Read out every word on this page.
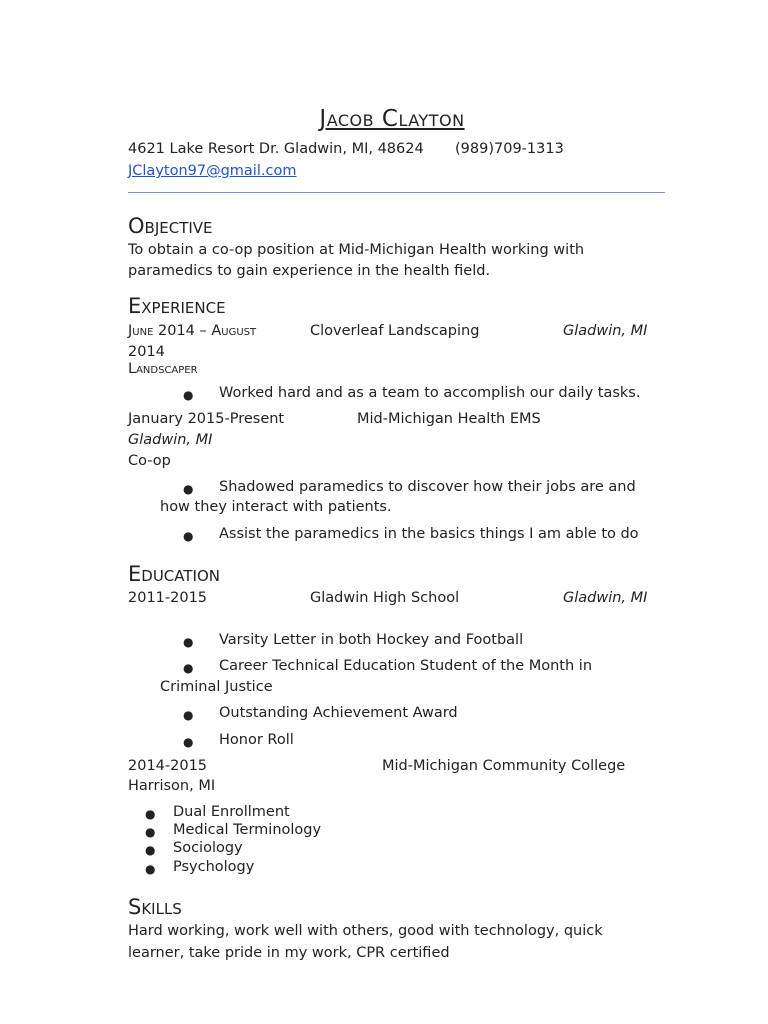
Jacob Clayton
4621 Lake Resort Dr. Gladwin, MI, 48624 (989)709-1313
JClayton97@gmail.com
Objective
To obtain a co-op position at Mid-Michigan Health working with
paramedics to gain experience in the health field.
Experience
June 2014 – August	Cloverleaf Landscaping	Gladwin, MI
2014
Landscaper
● Worked hard and as a team to accomplish our daily tasks.
January 2015-Present	Mid-Michigan Health EMS
Gladwin, MI
Co-op
● Shadowed paramedics to discover how their jobs are and
how they interact with patients.
● Assist the paramedics in the basics things I am able to do
Education
2011-2015	Gladwin High School	Gladwin, MI
● Varsity Letter in both Hockey and Football
● Career Technical Education Student of the Month in
Criminal Justice
● Outstanding Achievement Award
● Honor Roll
2014-2015	Mid-Michigan Community College
Harrison, MI
● Dual Enrollment
● Medical Terminology
● Sociology
● Psychology
Skills
Hard working, work well with others, good with technology, quick
learner, take pride in my work, CPR certified
